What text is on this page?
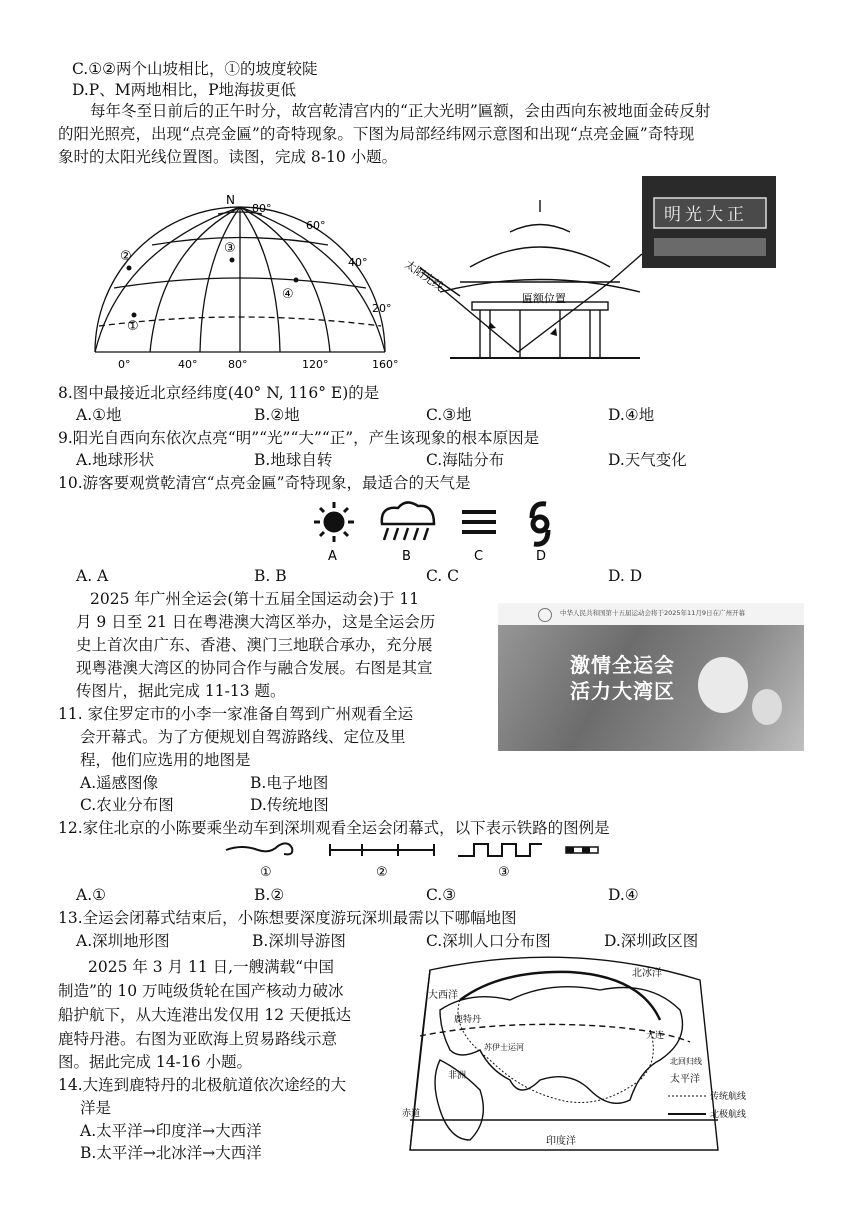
C.①②两个山坡相比，①的坡度较陡
D.P、M两地相比，P地海拔更低
每年冬至日前后的正午时分，故宫乾清宫内的“正大光明”匾额，会由西向东被地面金砖反射
的阳光照亮，出现“点亮金匾”的奇特现象。下图为局部经纬网示意图和出现“点亮金匾”奇特现
象时的太阳光线位置图。读图，完成 8-10 小题。
N
80°
60°
40°
20°
②
③
④
①
0°	40°	80°	120°	160°
太阳光线
匾额位置
明光大正
8.图中最接近北京经纬度(40° N, 116° E)的是
A.①地	B.②地	C.③地	D.④地
9.阳光自西向东依次点亮“明”“光”“大”“正”，产生该现象的根本原因是
A.地球形状	B.地球自转	C.海陆分布	D.天气变化
10.游客要观赏乾清宫“点亮金匾”奇特现象，最适合的天气是
A	B	C	D
A. A	B. B	C. C	D. D
2025 年广州全运会(第十五届全国运动会)于 11
月 9 日至 21 日在粤港澳大湾区举办，这是全运会历
史上首次由广东、香港、澳门三地联合承办，充分展
现粤港澳大湾区的协同合作与融合发展。右图是其宣
传图片，据此完成 11-13 题。
中华人民共和国第十五届运动会将于2025年11月9日在广州开幕
激情全运会
活力大湾区
11. 家住罗定市的小李一家准备自驾到广州观看全运
会开幕式。为了方便规划自驾游路线、定位及里
程，他们应选用的地图是
A.遥感图像	B.电子地图
C.农业分布图	D.传统地图
12.家住北京的小陈要乘坐动车到深圳观看全运会闭幕式，以下表示铁路的图例是
①	②	③
A.①	B.②	C.③	D.④
13.全运会闭幕式结束后，小陈想要深度游玩深圳最需以下哪幅地图
A.深圳地形图	B.深圳导游图	C.深圳人口分布图	D.深圳政区图
2025 年 3 月 11 日,一艘满载“中国
制造”的 10 万吨级货轮在国产核动力破冰
船护航下，从大连港出发仅用 12 天便抵达
鹿特丹港。右图为亚欧海上贸易路线示意
图。据此完成 14-16 小题。
北冰洋
大西洋
太平洋
印度洋
鹿特丹
大连
苏伊士运河
赤道
非洲
北回归线
传统航线
北极航线
14.大连到鹿特丹的北极航道依次途经的大
洋是
A.太平洋→印度洋→大西洋
B.太平洋→北冰洋→大西洋
